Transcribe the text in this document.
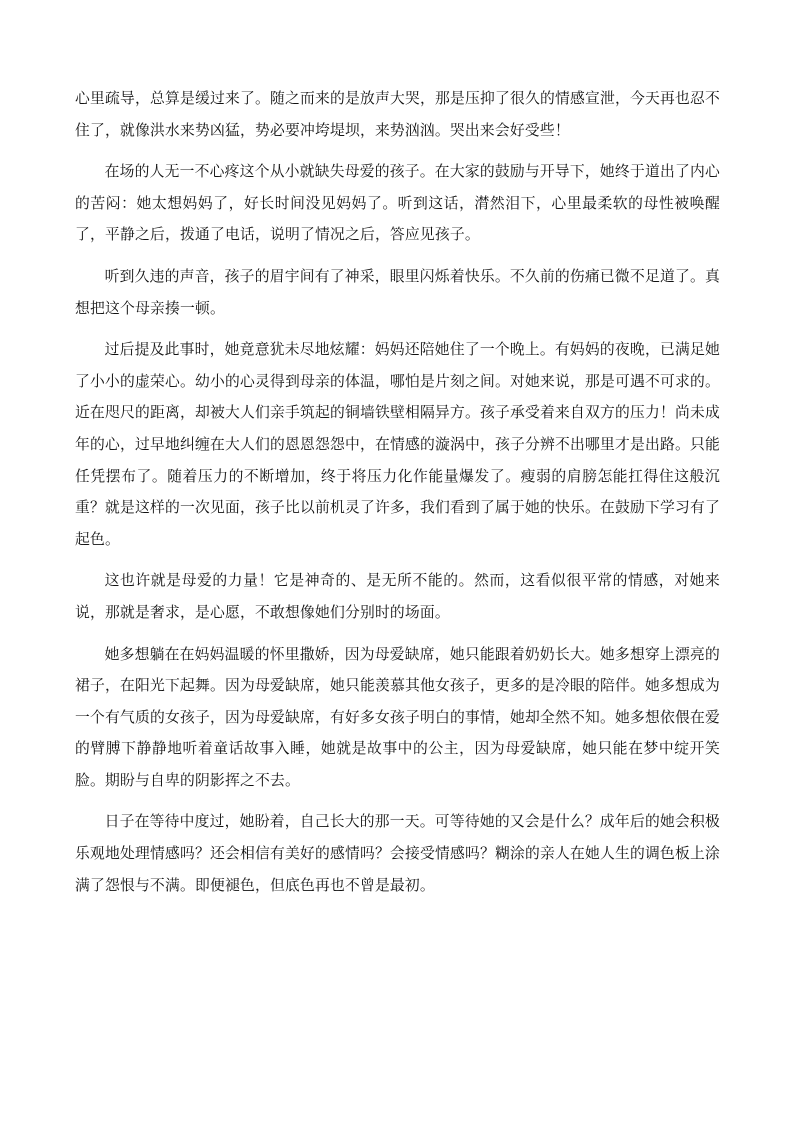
心里疏导，总算是缓过来了。随之而来的是放声大哭，那是压抑了很久的情感宣泄，今天再也忍不住了，就像洪水来势凶猛，势必要冲垮堤坝，来势汹汹。哭出来会好受些！

在场的人无一不心疼这个从小就缺失母爱的孩子。在大家的鼓励与开导下，她终于道出了内心的苦闷：她太想妈妈了，好长时间没见妈妈了。听到这话，潸然泪下，心里最柔软的母性被唤醒了，平静之后，拨通了电话，说明了情况之后，答应见孩子。

听到久违的声音，孩子的眉宇间有了神采，眼里闪烁着快乐。不久前的伤痛已微不足道了。真想把这个母亲揍一顿。

过后提及此事时，她竟意犹未尽地炫耀：妈妈还陪她住了一个晚上。有妈妈的夜晚，已满足她了小小的虚荣心。幼小的心灵得到母亲的体温，哪怕是片刻之间。对她来说，那是可遇不可求的。近在咫尺的距离，却被大人们亲手筑起的铜墙铁壁相隔异方。孩子承受着来自双方的压力！尚未成年的心，过早地纠缠在大人们的恩恩怨怨中，在情感的漩涡中，孩子分辨不出哪里才是出路。只能任凭摆布了。随着压力的不断增加，终于将压力化作能量爆发了。瘦弱的肩膀怎能扛得住这般沉重？就是这样的一次见面，孩子比以前机灵了许多，我们看到了属于她的快乐。在鼓励下学习有了起色。

这也许就是母爱的力量！它是神奇的、是无所不能的。然而，这看似很平常的情感，对她来说，那就是奢求，是心愿，不敢想像她们分别时的场面。

她多想躺在在妈妈温暖的怀里撒娇，因为母爱缺席，她只能跟着奶奶长大。她多想穿上漂亮的裙子，在阳光下起舞。因为母爱缺席，她只能羡慕其他女孩子，更多的是冷眼的陪伴。她多想成为一个有气质的女孩子，因为母爱缺席，有好多女孩子明白的事情，她却全然不知。她多想依偎在爱的臂膊下静静地听着童话故事入睡，她就是故事中的公主，因为母爱缺席，她只能在梦中绽开笑脸。期盼与自卑的阴影挥之不去。

日子在等待中度过，她盼着，自己长大的那一天。可等待她的又会是什么？成年后的她会积极乐观地处理情感吗？还会相信有美好的感情吗？会接受情感吗？糊涂的亲人在她人生的调色板上涂满了怨恨与不满。即便褪色，但底色再也不曾是最初。
